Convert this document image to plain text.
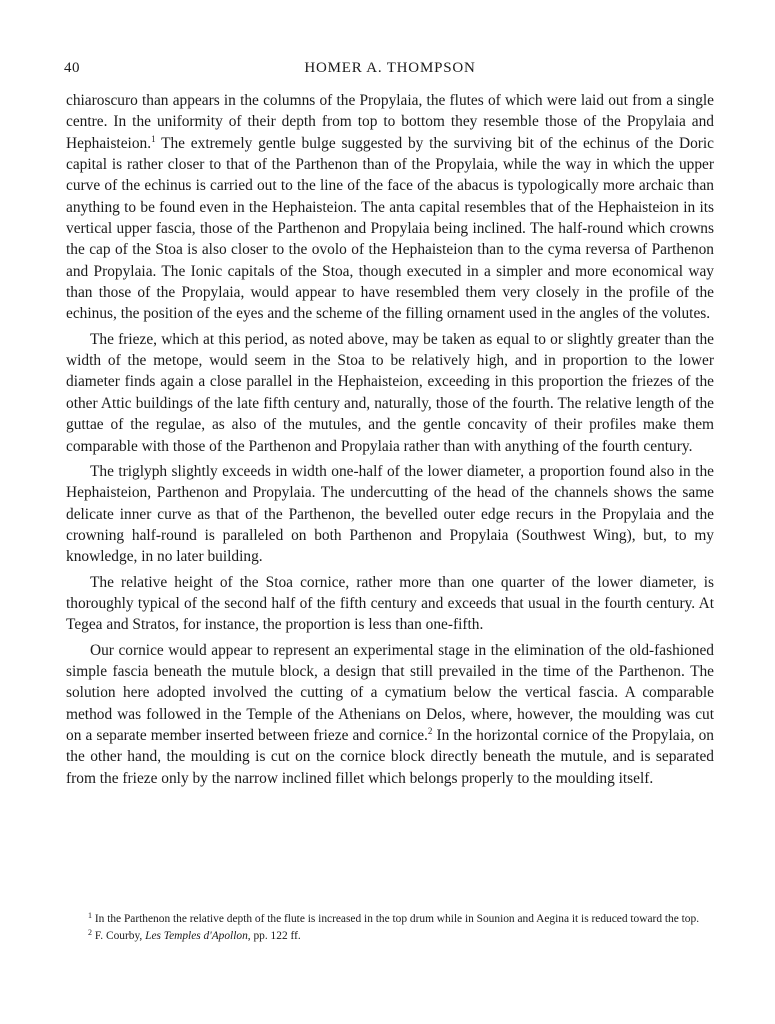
40	HOMER A. THOMPSON

chiaroscuro than appears in the columns of the Propylaia, the flutes of which were laid out from a single centre. In the uniformity of their depth from top to bottom they resemble those of the Propylaia and Hephaisteion.$^1$ The extremely gentle bulge suggested by the surviving bit of the echinus of the Doric capital is rather closer to that of the Parthenon than of the Propylaia, while the way in which the upper curve of the echinus is carried out to the line of the face of the abacus is typologically more archaic than anything to be found even in the Hephaisteion. The anta capital resembles that of the Hephaisteion in its vertical upper fascia, those of the Parthenon and Propylaia being inclined. The half-round which crowns the cap of the Stoa is also closer to the ovolo of the Hephaisteion than to the cyma reversa of Parthenon and Propylaia. The Ionic capitals of the Stoa, though executed in a simpler and more economical way than those of the Propylaia, would appear to have resembled them very closely in the profile of the echinus, the position of the eyes and the scheme of the filling ornament used in the angles of the volutes.

The frieze, which at this period, as noted above, may be taken as equal to or slightly greater than the width of the metope, would seem in the Stoa to be relatively high, and in proportion to the lower diameter finds again a close parallel in the Hephaisteion, exceeding in this proportion the friezes of the other Attic buildings of the late fifth century and, naturally, those of the fourth. The relative length of the guttae of the regulae, as also of the mutules, and the gentle concavity of their profiles make them comparable with those of the Parthenon and Propylaia rather than with anything of the fourth century.

The triglyph slightly exceeds in width one-half of the lower diameter, a proportion found also in the Hephaisteion, Parthenon and Propylaia. The undercutting of the head of the channels shows the same delicate inner curve as that of the Parthenon, the bevelled outer edge recurs in the Propylaia and the crowning half-round is paralleled on both Parthenon and Propylaia (Southwest Wing), but, to my knowledge, in no later building.

The relative height of the Stoa cornice, rather more than one quarter of the lower diameter, is thoroughly typical of the second half of the fifth century and exceeds that usual in the fourth century. At Tegea and Stratos, for instance, the proportion is less than one-fifth.

Our cornice would appear to represent an experimental stage in the elimination of the old-fashioned simple fascia beneath the mutule block, a design that still prevailed in the time of the Parthenon. The solution here adopted involved the cutting of a cymatium below the vertical fascia. A comparable method was followed in the Temple of the Athenians on Delos, where, however, the moulding was cut on a separate member inserted between frieze and cornice.$^2$ In the horizontal cornice of the Propylaia, on the other hand, the moulding is cut on the cornice block directly beneath the mutule, and is separated from the frieze only by the narrow inclined fillet which belongs properly to the moulding itself.

$^1$ In the Parthenon the relative depth of the flute is increased in the top drum while in Sounion and Aegina it is reduced toward the top.

$^2$ F. Courby, Les Temples d'Apollon, pp. 122 ff.
